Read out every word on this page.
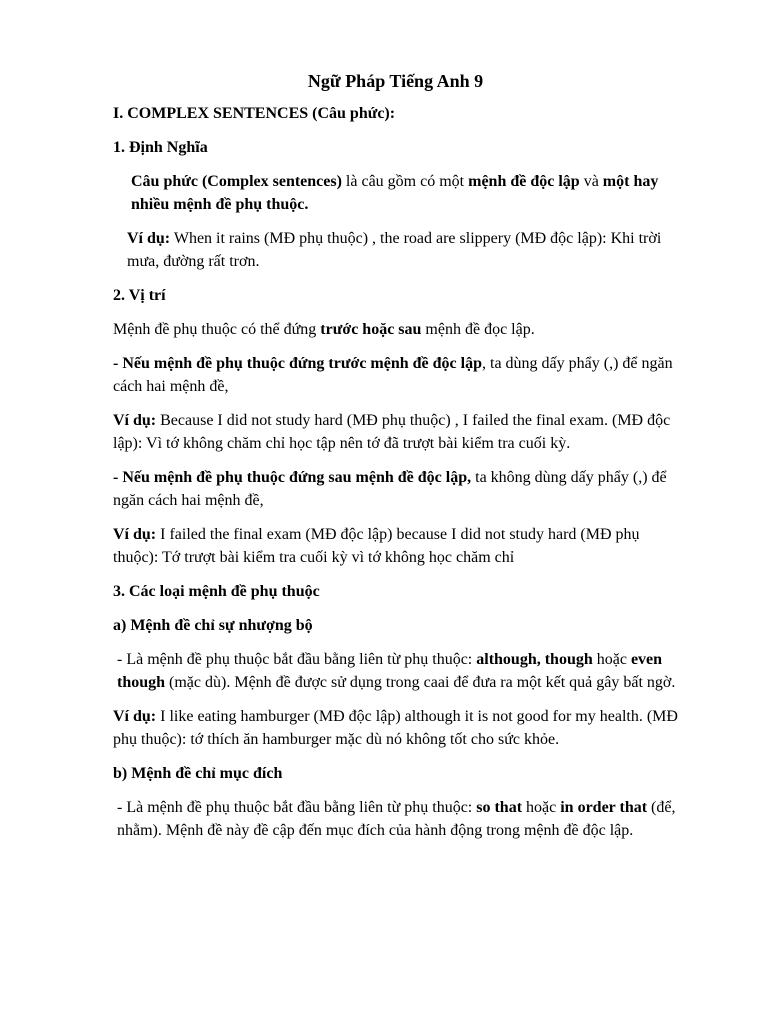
Ngữ Pháp Tiếng Anh 9

I. COMPLEX SENTENCES (Câu phức):

1. Định Nghĩa

Câu phức (Complex sentences) là câu gồm có một mệnh đề độc lập và một hay nhiều mệnh đề phụ thuộc.

Ví dụ: When it rains (MĐ phụ thuộc) , the road are slippery (MĐ độc lập): Khi trời mưa, đường rất trơn.

2. Vị trí

Mệnh đề phụ thuộc có thể đứng trước hoặc sau mệnh đề đọc lập.

- Nếu mệnh đề phụ thuộc đứng trước mệnh đề độc lập, ta dùng dấy phẩy (,) để ngăn cách hai mệnh đề,

Ví dụ: Because I did not study hard (MĐ phụ thuộc) , I failed the final exam. (MĐ độc lập): Vì tớ không chăm chỉ học tập nên tớ đã trượt bài kiểm tra cuối kỳ.

- Nếu mệnh đề phụ thuộc đứng sau mệnh đề độc lập, ta không dùng dấy phẩy (,) để ngăn cách hai mệnh đề,

Ví dụ: I failed the final exam (MĐ độc lập) because I did not study hard (MĐ phụ thuộc): Tớ trượt bài kiểm tra cuối kỳ vì tớ không học chăm chỉ

3. Các loại mệnh đề phụ thuộc

a) Mệnh đề chỉ sự nhượng bộ

- Là mệnh đề phụ thuộc bắt đầu bằng liên từ phụ thuộc: although, though hoặc even though (mặc dù). Mệnh đề được sử dụng trong caai để đưa ra một kết quả gây bất ngờ.

Ví dụ: I like eating hamburger (MĐ độc lập) although it is not good for my health. (MĐ phụ thuộc): tớ thích ăn hamburger mặc dù nó không tốt cho sức khỏe.

b) Mệnh đề chỉ mục đích

- Là mệnh đề phụ thuộc bắt đầu bằng liên từ phụ thuộc: so that hoặc in order that (để, nhằm). Mệnh đề này đề cập đến mục đích của hành động trong mệnh đề độc lập.
